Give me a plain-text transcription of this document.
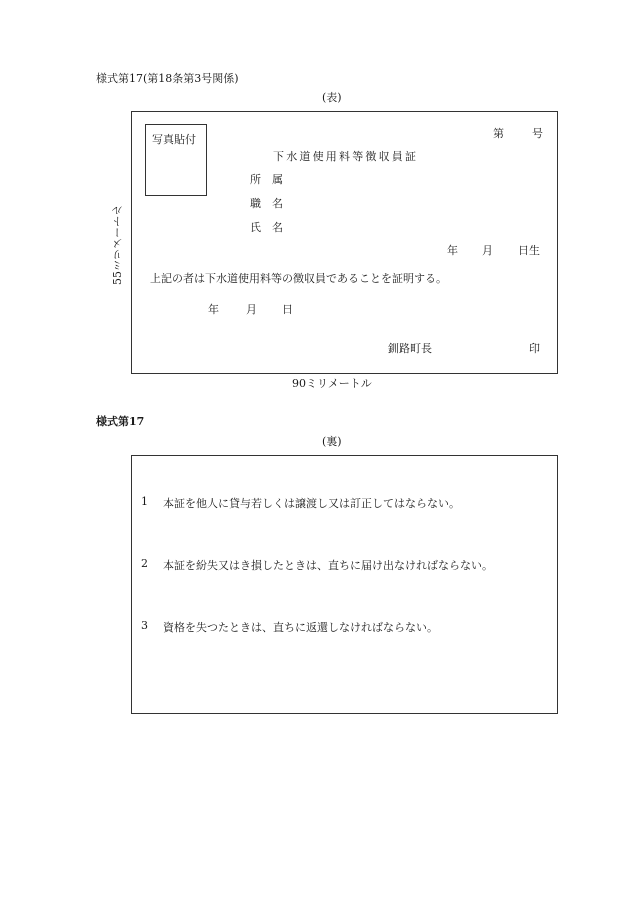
様式第17(第18条第3号関係)
(表)
55ミリメートル
写真貼付	第	号
下水道使用料等徴収員証
所 属
職 名
氏 名
年 月 日生
上記の者は下水道使用料等の徴収員であることを証明する。
年 月 日
釧路町長	印
90ミリメートル
様式第17
(裏)
1 本証を他人に貸与若しくは譲渡し又は訂正してはならない。
2 本証を紛失又はき損したときは、直ちに届け出なければならない。
3 資格を失つたときは、直ちに返還しなければならない。
